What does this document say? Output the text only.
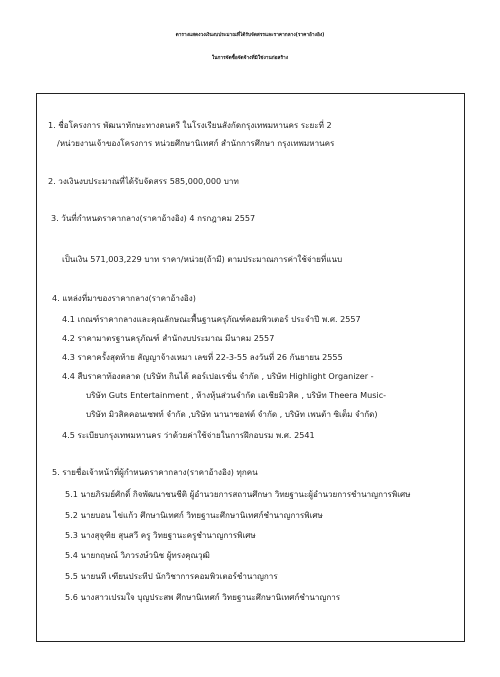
ตารางแสดงวงเงินงบประมาณที่ได้รับจัดสรรและราคากลาง(ราคาอ้างอิง)
ในการจัดซื้อจัดจ้างที่มิใช่งานก่อสร้าง
1. ชื่อโครงการ พัฒนาทักษะทางดนตรี ในโรงเรียนสังกัดกรุงเทพมหานคร ระยะที่ 2
/หน่วยงานเจ้าของโครงการ หน่วยศึกษานิเทศก์ สำนักการศึกษา กรุงเทพมหานคร
2. วงเงินงบประมาณที่ได้รับจัดสรร 585,000,000 บาท
3. วันที่กำหนดราคากลาง(ราคาอ้างอิง) 4 กรกฎาคม 2557
เป็นเงิน 571,003,229 บาท ราคา/หน่วย(ถ้ามี) ตามประมาณการค่าใช้จ่ายที่แนบ
4. แหล่งที่มาของราคากลาง(ราคาอ้างอิง)
4.1 เกณฑ์ราคากลางและคุณลักษณะพื้นฐานครุภัณฑ์คอมพิวเตอร์ ประจำปี พ.ศ. 2557
4.2 ราคามาตรฐานครุภัณฑ์ สำนักงบประมาณ มีนาคม 2557
4.3 ราคาครั้งสุดท้าย สัญญาจ้างเหมา เลขที่ 22-3-55 ลงวันที่ 26 กันยายน 2555
4.4 สืบราคาท้องตลาด (บริษัท กินได้ คอร์เปอเรชั่น จำกัด , บริษัท Highlight Organizer -
บริษัท Guts Entertainment , ห้างหุ้นส่วนจำกัด เอเชียมิวสิค , บริษัท Theera Music-
บริษัท มิวสิคคอนเซพท์ จำกัด ,บริษัท นานาซอฟต์ จำกัด , บริษัท เพนต้า ซิเต็ม จำกัด)
4.5 ระเบียบกรุงเทพมหานคร ว่าด้วยค่าใช้จ่ายในการฝึกอบรม พ.ศ. 2541
5. รายชื่อเจ้าหน้าที่ผู้กำหนดราคากลาง(ราคาอ้างอิง) ทุกคน
5.1 นายภิรมย์ศักดิ์ กิจพัฒนาชนชีติ ผู้อำนวยการสถานศึกษา วิทยฐานะผู้อำนวยการชำนาญการพิเศษ
5.2 นายบอน ไข่แก้ว ศึกษานิเทศก์ วิทยฐานะศึกษานิเทศก์ชำนาญการพิเศษ
5.3 นางสุจุฑิย สุนสวี ครู วิทยฐานะครูชำนาญการพิเศษ
5.4 นายกฤษณ์ วิภวรงษ์วนิช ผู้ทรงคุณวุฒิ
5.5 นายนที เฑียนประทีป นักวิชาการคอมพิวเตอร์ชำนาญการ
5.6 นางสาวเปรมใจ บุญประสพ ศึกษานิเทศก์ วิทยฐานะศึกษานิเทศก์ชำนาญการ
